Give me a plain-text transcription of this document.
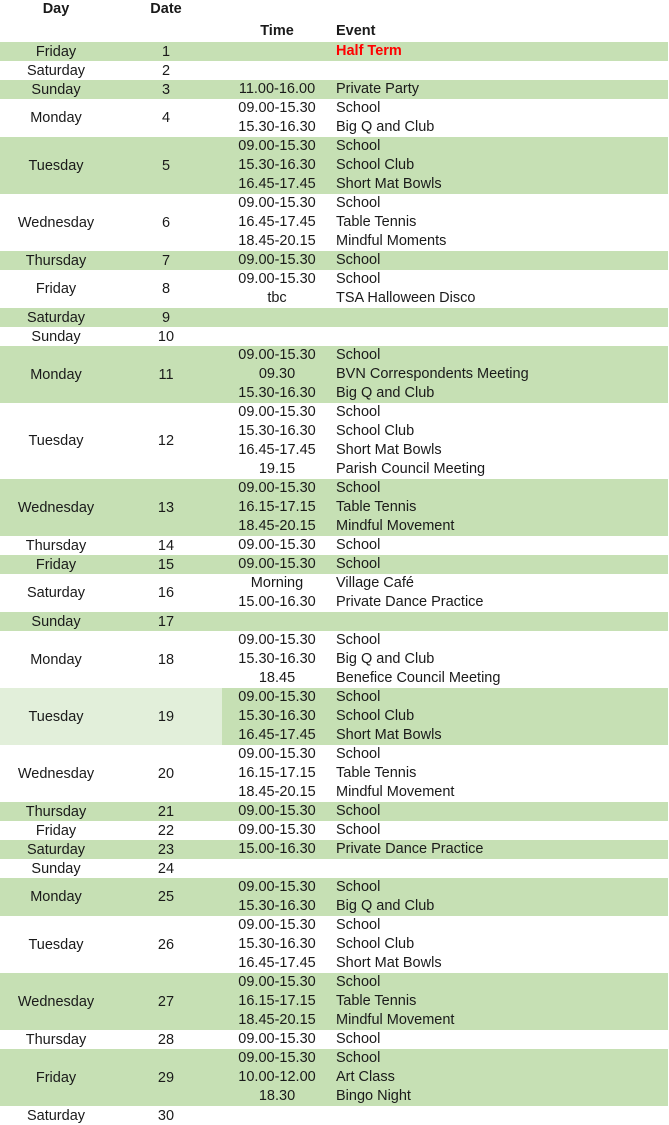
Day	Date
Time	Event
Friday	1	Half Term
Saturday	2
Sunday	3	11.00-16.00	Private Party
Monday	4
09.00-15.30	School
15.30-16.30	Big Q and Club
Tuesday	5
09.00-15.30	School
15.30-16.30	School Club
16.45-17.45	Short Mat Bowls
Wednesday	6
09.00-15.30	School
16.45-17.45	Table Tennis
18.45-20.15	Mindful Moments
Thursday	7	09.00-15.30	School
Friday	8
09.00-15.30	School
tbc	TSA Halloween Disco
Saturday	9
Sunday	10
Monday	11
09.00-15.30	School
09.30	BVN Correspondents Meeting
15.30-16.30	Big Q and Club
Tuesday	12
09.00-15.30	School
15.30-16.30	School Club
16.45-17.45	Short Mat Bowls
19.15	Parish Council Meeting
Wednesday	13
09.00-15.30	School
16.15-17.15	Table Tennis
18.45-20.15	Mindful Movement
Thursday	14	09.00-15.30	School
Friday	15	09.00-15.30	School
Saturday	16
Morning	Village Café
15.00-16.30	Private Dance Practice
Sunday	17
Monday	18
09.00-15.30	School
15.30-16.30	Big Q and Club
18.45	Benefice Council Meeting
Tuesday	19
09.00-15.30	School
15.30-16.30	School Club
16.45-17.45	Short Mat Bowls
Wednesday	20
09.00-15.30	School
16.15-17.15	Table Tennis
18.45-20.15	Mindful Movement
Thursday	21	09.00-15.30	School
Friday	22	09.00-15.30	School
Saturday	23	15.00-16.30	Private Dance Practice
Sunday	24
Monday	25
09.00-15.30	School
15.30-16.30	Big Q and Club
Tuesday	26
09.00-15.30	School
15.30-16.30	School Club
16.45-17.45	Short Mat Bowls
Wednesday	27
09.00-15.30	School
16.15-17.15	Table Tennis
18.45-20.15	Mindful Movement
Thursday	28	09.00-15.30	School
Friday	29
09.00-15.30	School
10.00-12.00	Art Class
18.30	Bingo Night
Saturday	30
